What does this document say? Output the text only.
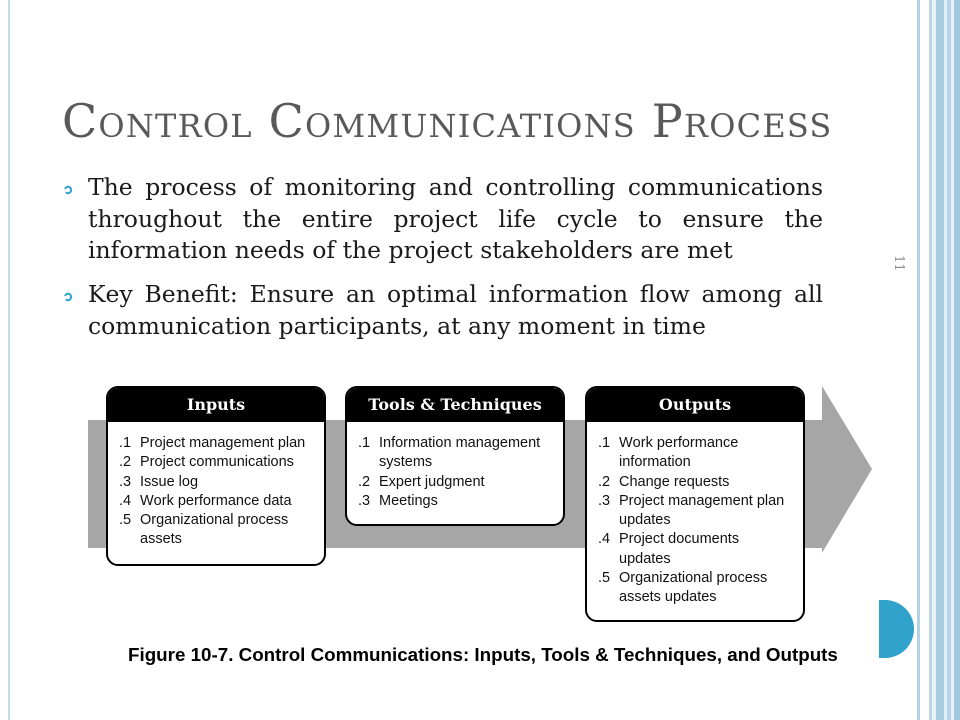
Control Communications Process
The process of monitoring and controlling communications throughout the entire project life cycle to ensure the information needs of the project stakeholders are met
Key Benefit: Ensure an optimal information flow among all communication participants, at any moment in time
11
Inputs
.1 Project management plan
.2 Project communications
.3 Issue log
.4 Work performance data
.5 Organizational process assets
Tools & Techniques
.1 Information management systems
.2 Expert judgment
.3 Meetings
Outputs
.1 Work performance information
.2 Change requests
.3 Project management plan updates
.4 Project documents updates
.5 Organizational process assets updates
Figure 10-7. Control Communications: Inputs, Tools & Techniques, and Outputs
